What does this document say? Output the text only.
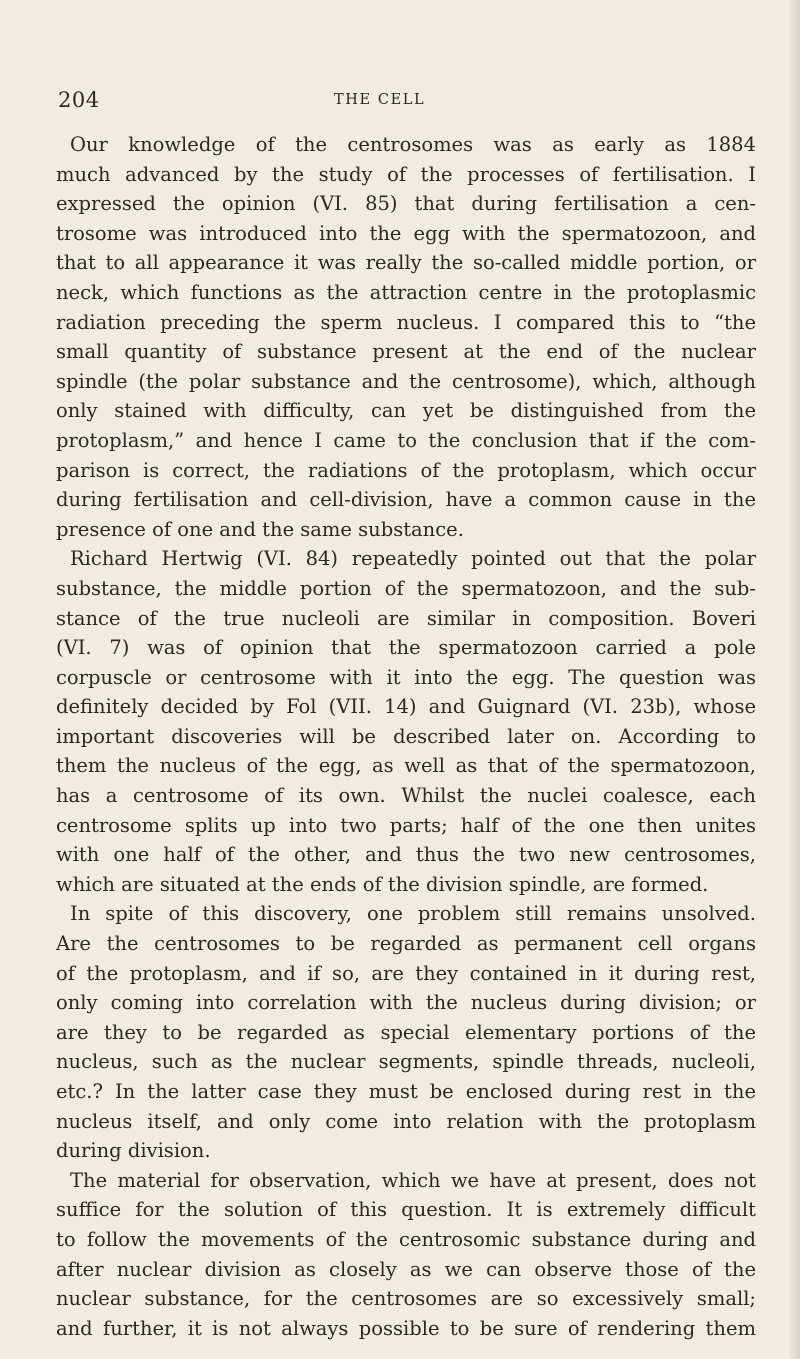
204	THE CELL
Our knowledge of the centrosomes was as early as 1884
much advanced by the study of the processes of fertilisation. I
expressed the opinion (VI. 85) that during fertilisation a cen-
trosome was introduced into the egg with the spermatozoon, and
that to all appearance it was really the so-called middle portion, or
neck, which functions as the attraction centre in the protoplasmic
radiation preceding the sperm nucleus. I compared this to “the
small quantity of substance present at the end of the nuclear
spindle (the polar substance and the centrosome), which, although
only stained with difficulty, can yet be distinguished from the
protoplasm,” and hence I came to the conclusion that if the com-
parison is correct, the radiations of the protoplasm, which occur
during fertilisation and cell-division, have a common cause in the
presence of one and the same substance.
Richard Hertwig (VI. 84) repeatedly pointed out that the polar
substance, the middle portion of the spermatozoon, and the sub-
stance of the true nucleoli are similar in composition. Boveri
(VI. 7) was of opinion that the spermatozoon carried a pole
corpuscle or centrosome with it into the egg. The question was
definitely decided by Fol (VII. 14) and Guignard (VI. 23b), whose
important discoveries will be described later on. According to
them the nucleus of the egg, as well as that of the spermatozoon,
has a centrosome of its own. Whilst the nuclei coalesce, each
centrosome splits up into two parts; half of the one then unites
with one half of the other, and thus the two new centrosomes,
which are situated at the ends of the division spindle, are formed.
In spite of this discovery, one problem still remains unsolved.
Are the centrosomes to be regarded as permanent cell organs
of the protoplasm, and if so, are they contained in it during rest,
only coming into correlation with the nucleus during division; or
are they to be regarded as special elementary portions of the
nucleus, such as the nuclear segments, spindle threads, nucleoli,
etc.? In the latter case they must be enclosed during rest in the
nucleus itself, and only come into relation with the protoplasm
during division.
The material for observation, which we have at present, does not
suffice for the solution of this question. It is extremely difficult
to follow the movements of the centrosomic substance during and
after nuclear division as closely as we can observe those of the
nuclear substance, for the centrosomes are so excessively small;
and further, it is not always possible to be sure of rendering them
